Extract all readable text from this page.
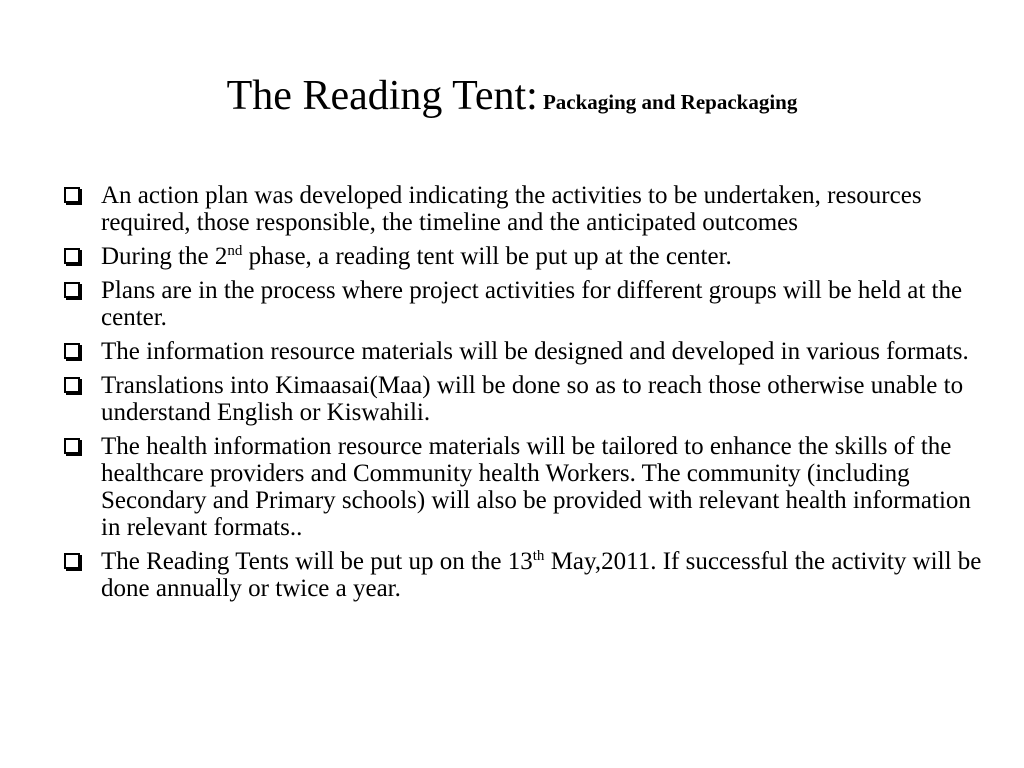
The Reading Tent: Packaging and Repackaging
An action plan was developed indicating the activities to be undertaken, resources required, those responsible, the timeline and the anticipated outcomes
During the 2nd phase, a reading tent will be put up at the center.
Plans are in the process where project activities for different groups will be held at the center.
The information resource materials will be designed and developed in various formats.
Translations into Kimaasai(Maa) will be done so as to reach those otherwise unable to understand English or Kiswahili.
The health information resource materials will be tailored to enhance the skills of the healthcare providers and Community health Workers. The community (including Secondary and Primary schools) will also be provided with relevant health information in relevant formats..
The Reading Tents will be put up on the 13th May,2011. If successful the activity will be done annually or twice a year.
